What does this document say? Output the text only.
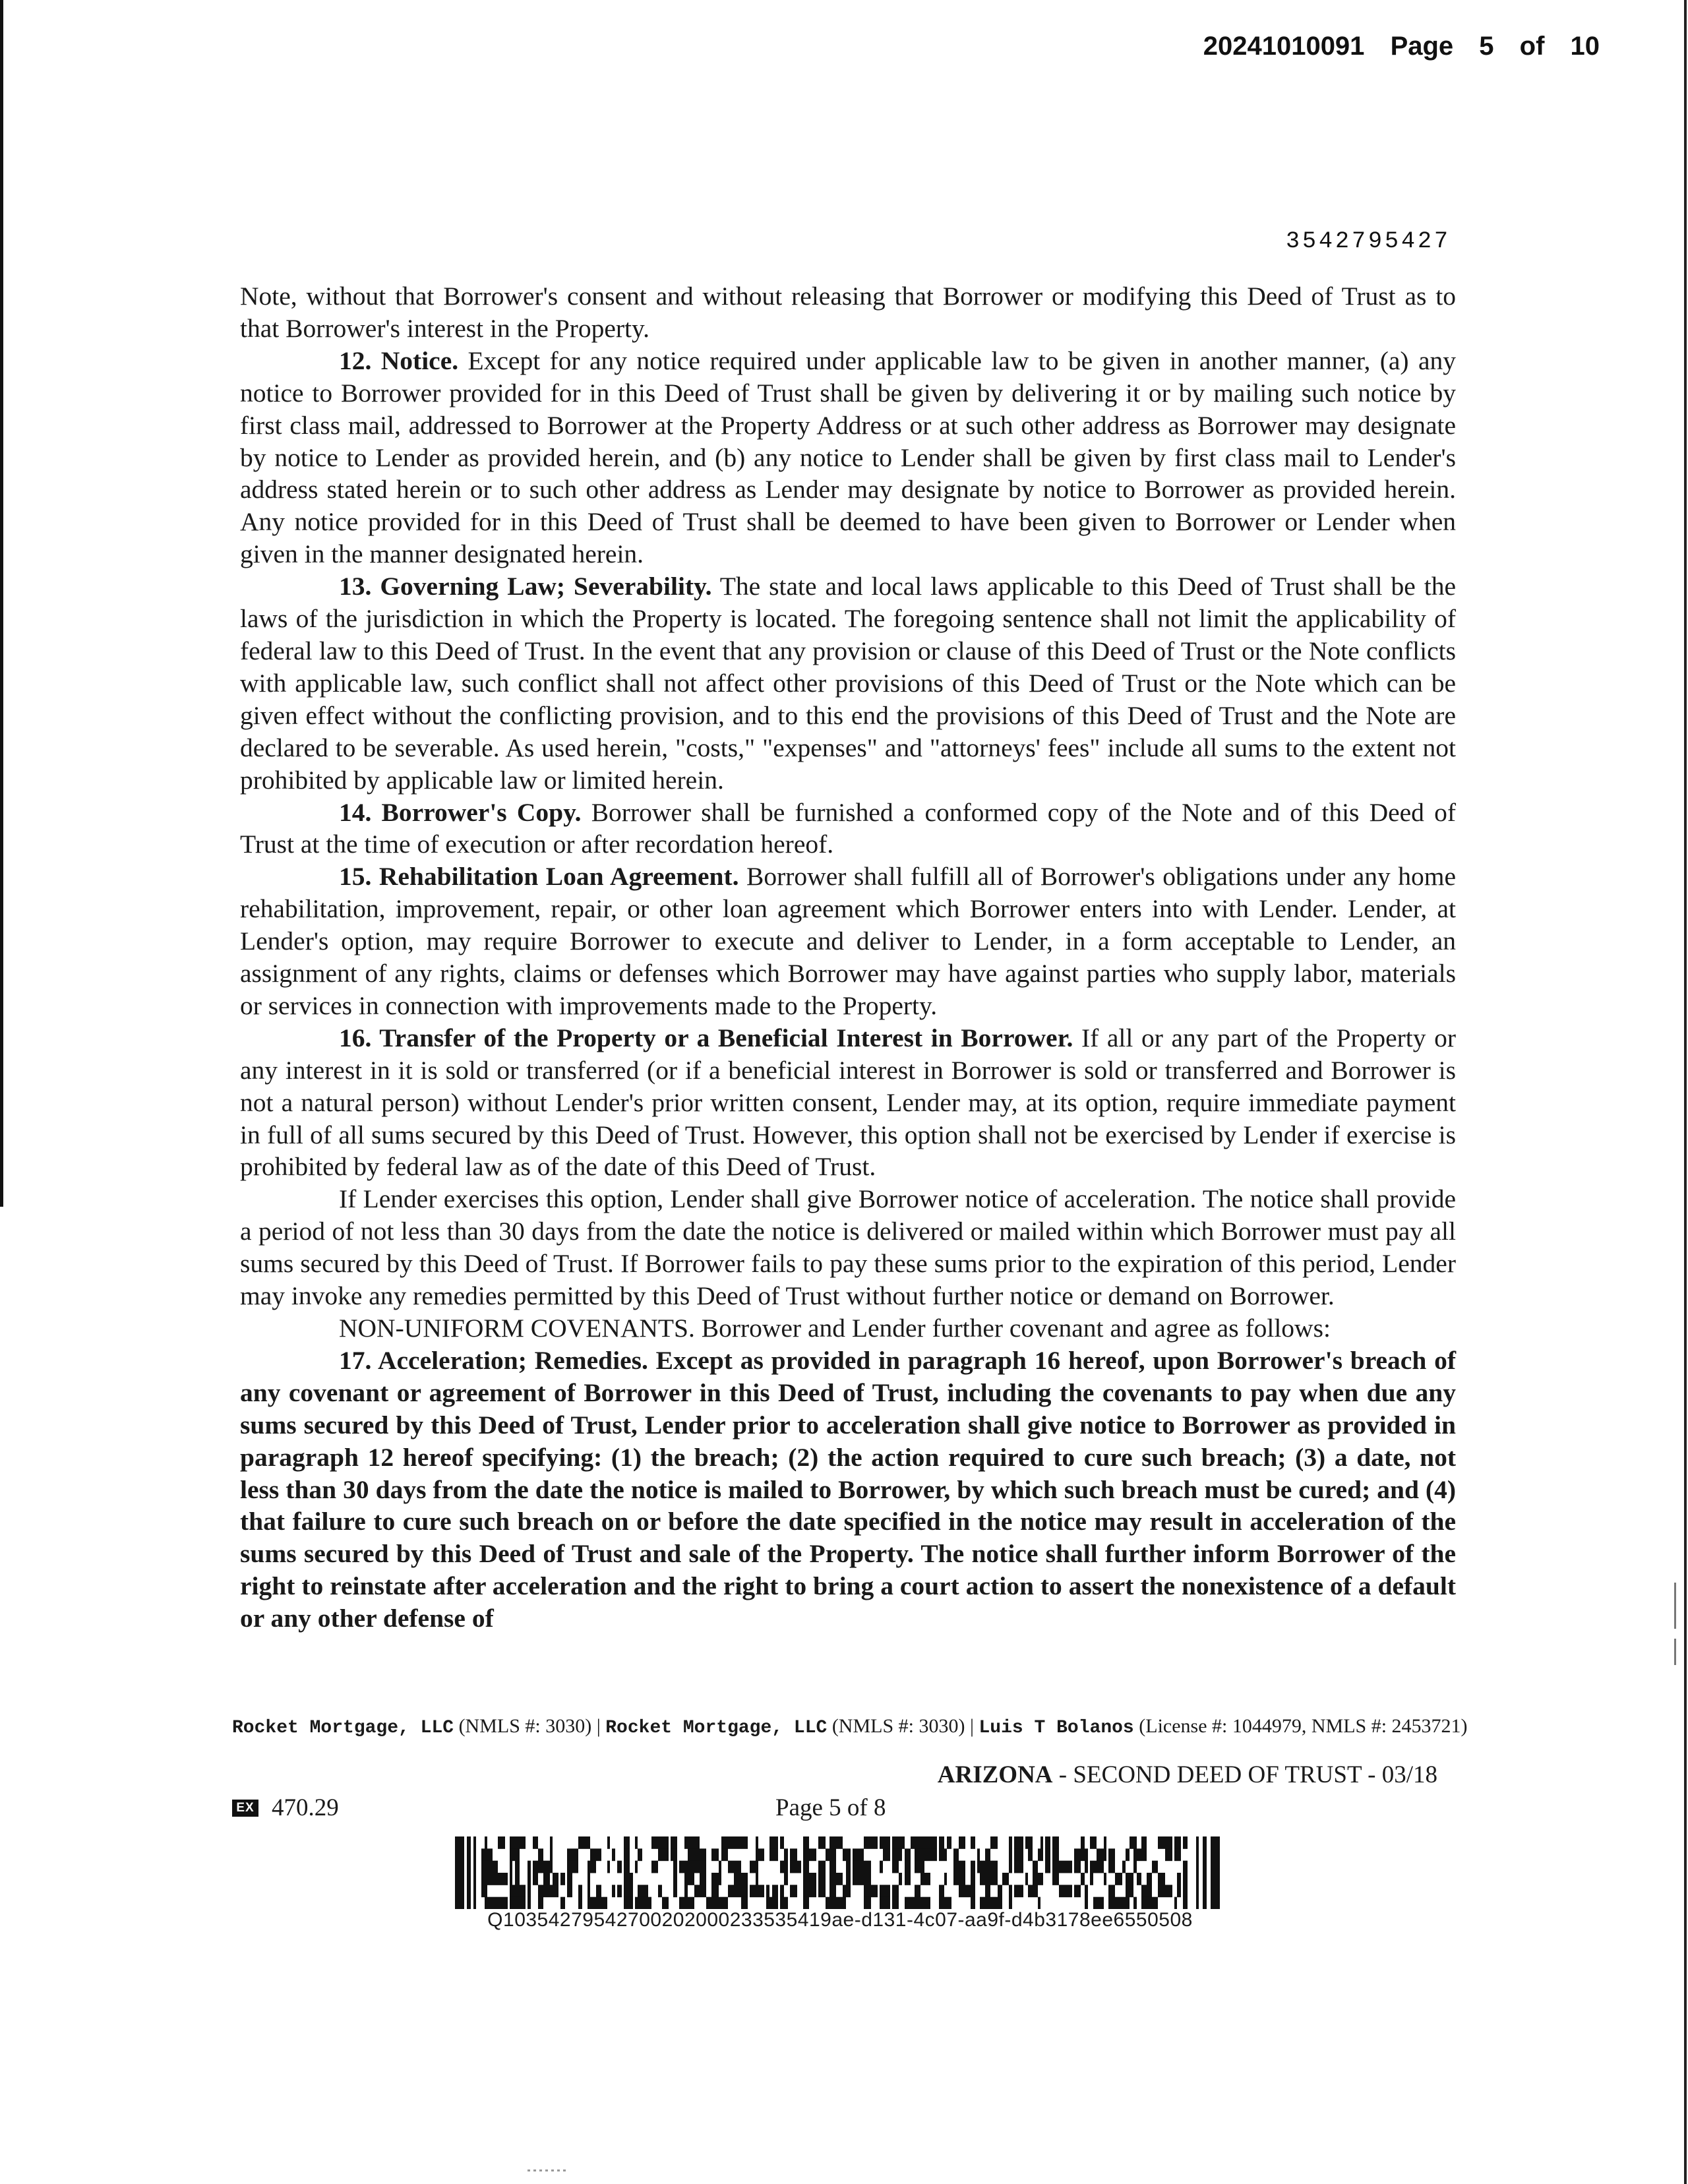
20241010091 Page 5 of 10
3542795427

Note, without that Borrower's consent and without releasing that Borrower or modifying this Deed of Trust as to that Borrower's interest in the Property.

12. Notice. Except for any notice required under applicable law to be given in another manner, (a) any notice to Borrower provided for in this Deed of Trust shall be given by delivering it or by mailing such notice by first class mail, addressed to Borrower at the Property Address or at such other address as Borrower may designate by notice to Lender as provided herein, and (b) any notice to Lender shall be given by first class mail to Lender's address stated herein or to such other address as Lender may designate by notice to Borrower as provided herein. Any notice provided for in this Deed of Trust shall be deemed to have been given to Borrower or Lender when given in the manner designated herein.

13. Governing Law; Severability. The state and local laws applicable to this Deed of Trust shall be the laws of the jurisdiction in which the Property is located. The foregoing sentence shall not limit the applicability of federal law to this Deed of Trust. In the event that any provision or clause of this Deed of Trust or the Note conflicts with applicable law, such conflict shall not affect other provisions of this Deed of Trust or the Note which can be given effect without the conflicting provision, and to this end the provisions of this Deed of Trust and the Note are declared to be severable. As used herein, "costs," "expenses" and "attorneys' fees" include all sums to the extent not prohibited by applicable law or limited herein.

14. Borrower's Copy. Borrower shall be furnished a conformed copy of the Note and of this Deed of Trust at the time of execution or after recordation hereof.

15. Rehabilitation Loan Agreement. Borrower shall fulfill all of Borrower's obligations under any home rehabilitation, improvement, repair, or other loan agreement which Borrower enters into with Lender. Lender, at Lender's option, may require Borrower to execute and deliver to Lender, in a form acceptable to Lender, an assignment of any rights, claims or defenses which Borrower may have against parties who supply labor, materials or services in connection with improvements made to the Property.

16. Transfer of the Property or a Beneficial Interest in Borrower. If all or any part of the Property or any interest in it is sold or transferred (or if a beneficial interest in Borrower is sold or transferred and Borrower is not a natural person) without Lender's prior written consent, Lender may, at its option, require immediate payment in full of all sums secured by this Deed of Trust. However, this option shall not be exercised by Lender if exercise is prohibited by federal law as of the date of this Deed of Trust.

If Lender exercises this option, Lender shall give Borrower notice of acceleration. The notice shall provide a period of not less than 30 days from the date the notice is delivered or mailed within which Borrower must pay all sums secured by this Deed of Trust. If Borrower fails to pay these sums prior to the expiration of this period, Lender may invoke any remedies permitted by this Deed of Trust without further notice or demand on Borrower.

NON-UNIFORM COVENANTS. Borrower and Lender further covenant and agree as follows:

17. Acceleration; Remedies. Except as provided in paragraph 16 hereof, upon Borrower's breach of any covenant or agreement of Borrower in this Deed of Trust, including the covenants to pay when due any sums secured by this Deed of Trust, Lender prior to acceleration shall give notice to Borrower as provided in paragraph 12 hereof specifying: (1) the breach; (2) the action required to cure such breach; (3) a date, not less than 30 days from the date the notice is mailed to Borrower, by which such breach must be cured; and (4) that failure to cure such breach on or before the date specified in the notice may result in acceleration of the sums secured by this Deed of Trust and sale of the Property. The notice shall further inform Borrower of the right to reinstate after acceleration and the right to bring a court action to assert the nonexistence of a default or any other defense of

Rocket Mortgage, LLC (NMLS #: 3030) | Rocket Mortgage, LLC (NMLS #: 3030) | Luis T Bolanos (License #: 1044979, NMLS #: 2453721)
ARIZONA - SECOND DEED OF TRUST - 03/18
EX 470.29	Page 5 of 8
Q10354279542700202000233535419ae-d131-4c07-aa9f-d4b3178ee6550508
